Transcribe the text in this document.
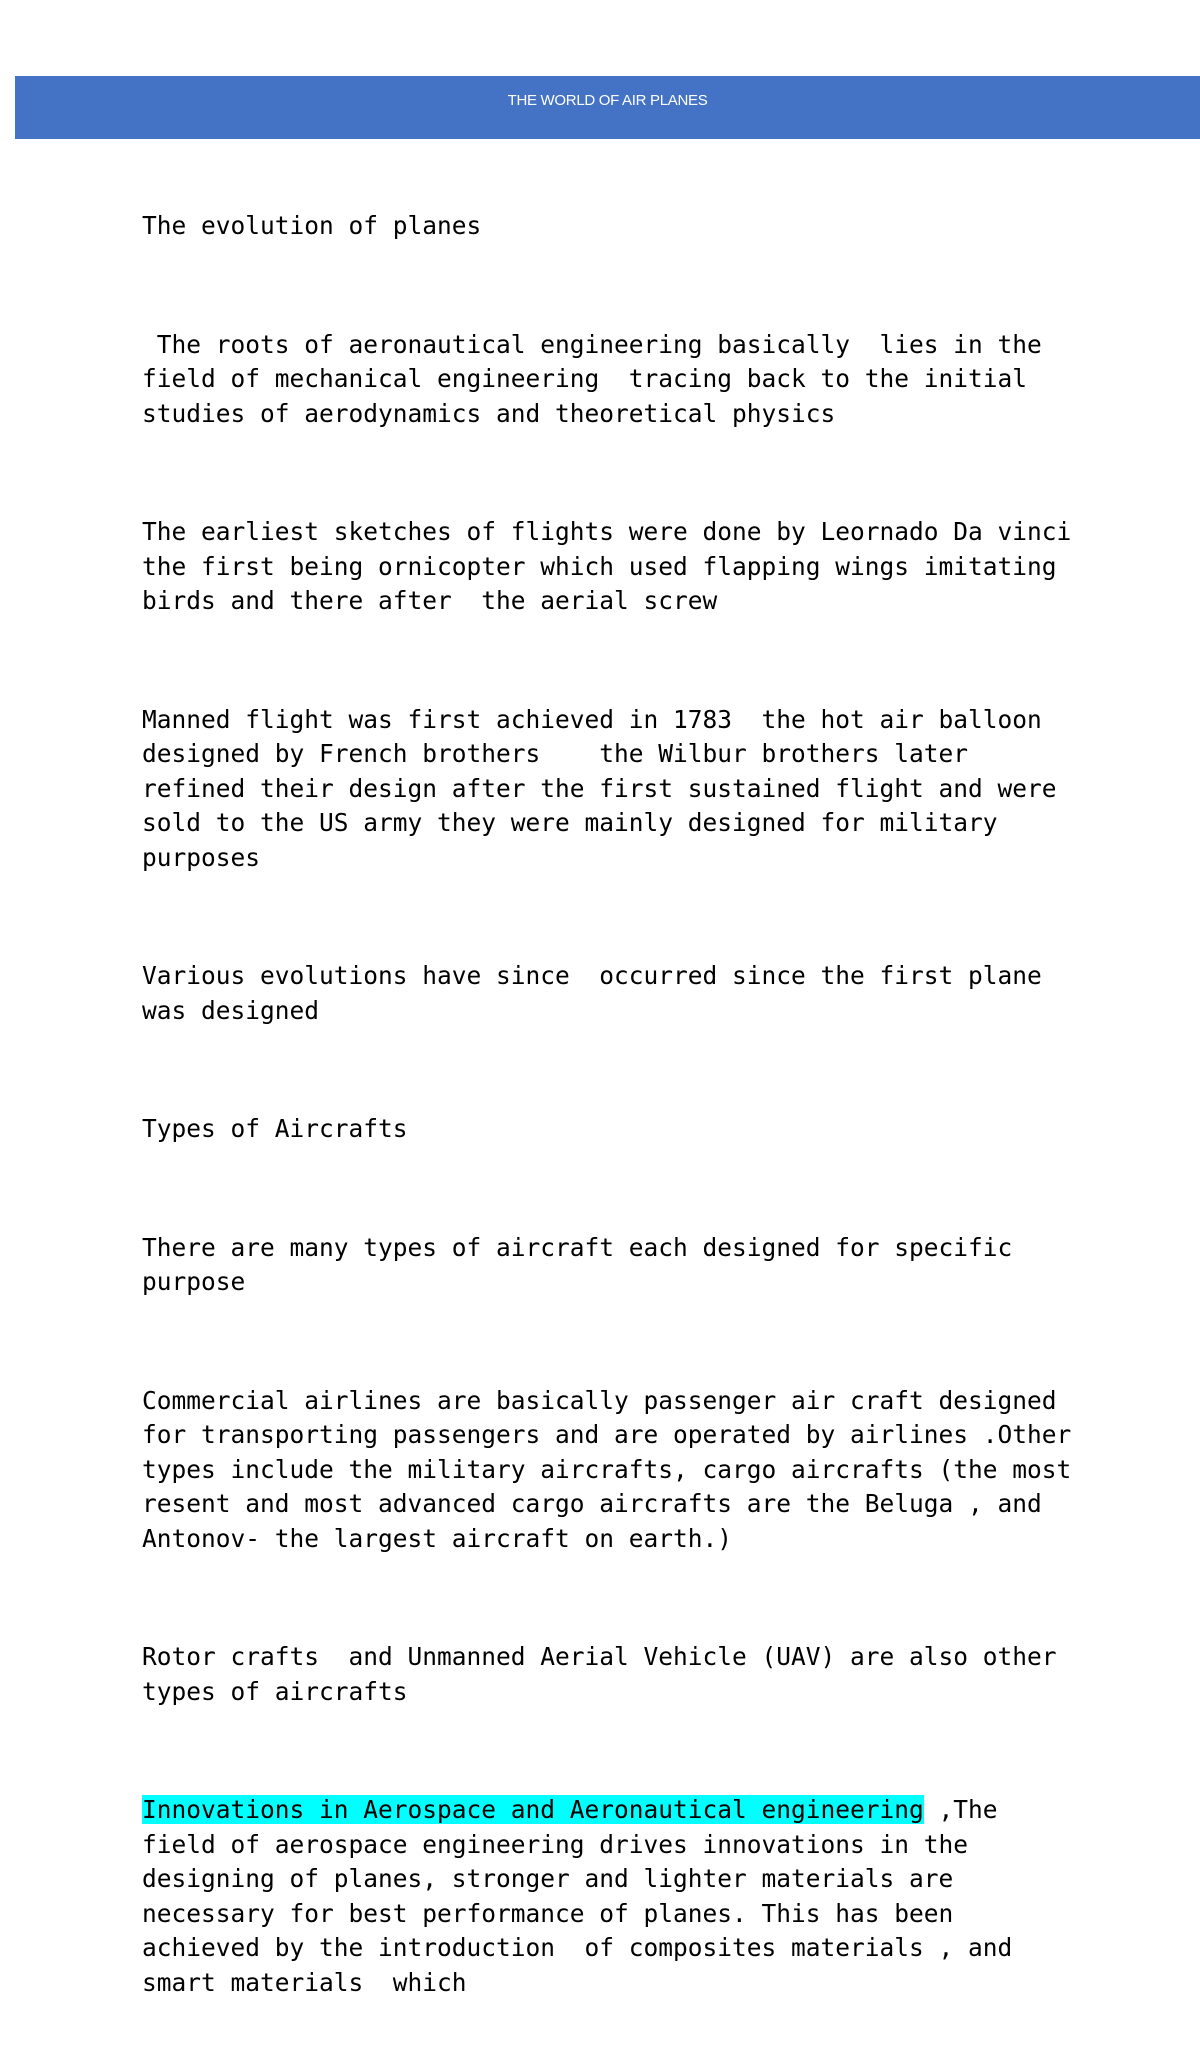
THE WORLD OF AIR PLANES

The evolution of planes

The roots of aeronautical engineering basically  lies in the field of mechanical engineering  tracing back to the initial studies of aerodynamics and theoretical physics

The earliest sketches of flights were done by Leornado Da vinci the first being ornicopter which used flapping wings imitating birds and there after  the aerial screw

Manned flight was first achieved in 1783  the hot air balloon designed by French brothers    the Wilbur brothers later refined their design after the first sustained flight and were sold to the US army they were mainly designed for military purposes

Various evolutions have since  occurred since the first plane was designed

Types of Aircrafts

There are many types of aircraft each designed for specific purpose

Commercial airlines are basically passenger air craft designed for transporting passengers and are operated by airlines .Other types include the military aircrafts, cargo aircrafts (the most resent and most advanced cargo aircrafts are the Beluga , and Antonov- the largest aircraft on earth.)

Rotor crafts  and Unmanned Aerial Vehicle (UAV) are also other types of aircrafts

Innovations in Aerospace and Aeronautical engineering ,The field of aerospace engineering drives innovations in the designing of planes, stronger and lighter materials are necessary for best performance of planes. This has been achieved by the introduction  of composites materials , and smart materials  which
